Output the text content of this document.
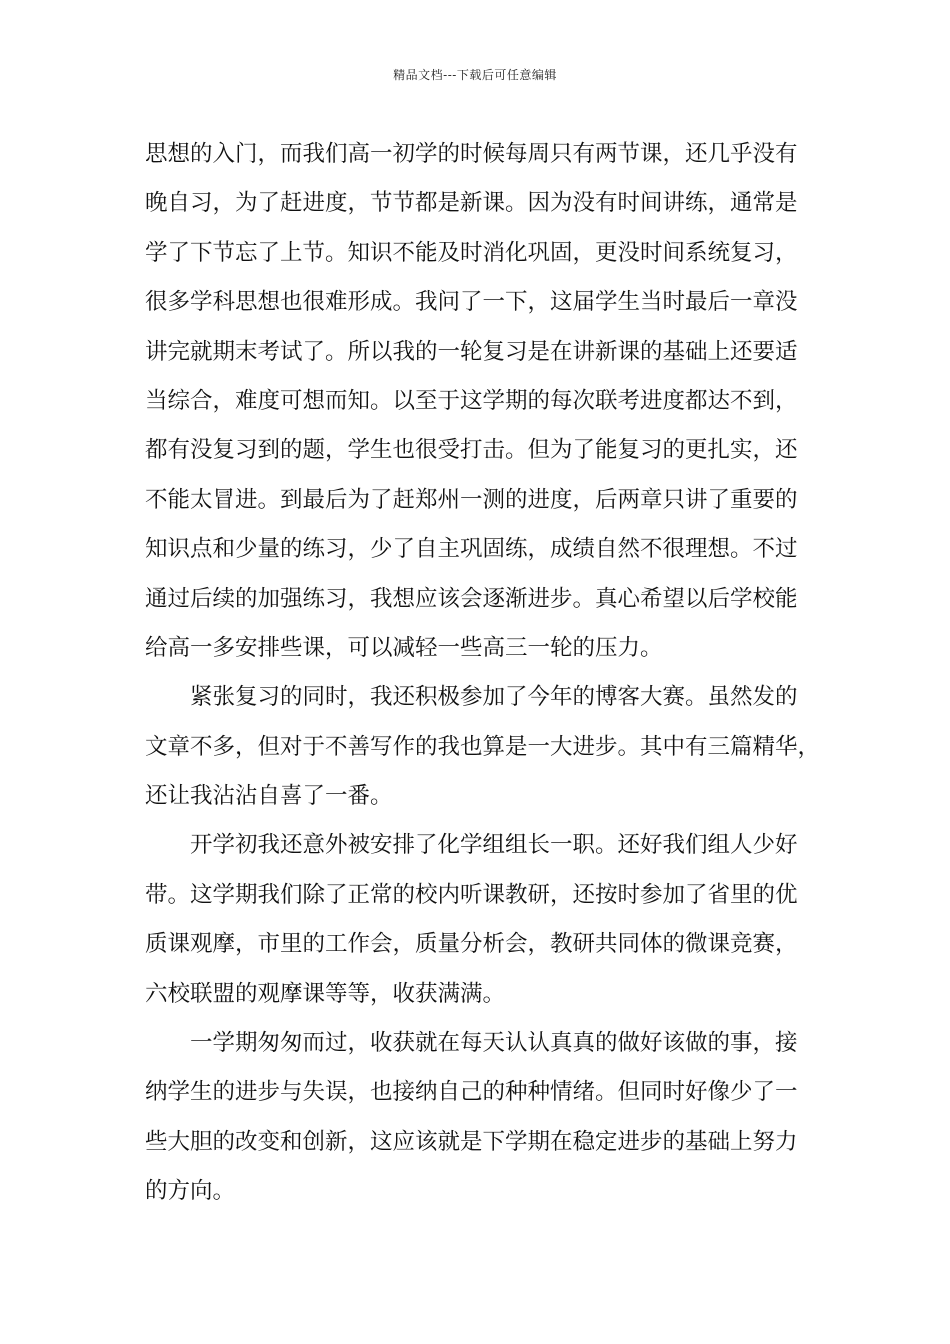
精品文档---下载后可任意编辑
思想的入门，而我们高一初学的时候每周只有两节课，还几乎没有
晚自习，为了赶进度，节节都是新课。因为没有时间讲练，通常是
学了下节忘了上节。知识不能及时消化巩固，更没时间系统复习，
很多学科思想也很难形成。我问了一下，这届学生当时最后一章没
讲完就期末考试了。所以我的一轮复习是在讲新课的基础上还要适
当综合，难度可想而知。以至于这学期的每次联考进度都达不到，
都有没复习到的题，学生也很受打击。但为了能复习的更扎实，还
不能太冒进。到最后为了赶郑州一测的进度，后两章只讲了重要的
知识点和少量的练习，少了自主巩固练，成绩自然不很理想。不过
通过后续的加强练习，我想应该会逐渐进步。真心希望以后学校能
给高一多安排些课，可以减轻一些高三一轮的压力。
紧张复习的同时，我还积极参加了今年的博客大赛。虽然发的
文章不多，但对于不善写作的我也算是一大进步。其中有三篇精华，
还让我沾沾自喜了一番。
开学初我还意外被安排了化学组组长一职。还好我们组人少好
带。这学期我们除了正常的校内听课教研，还按时参加了省里的优
质课观摩，市里的工作会，质量分析会，教研共同体的微课竞赛，
六校联盟的观摩课等等，收获满满。
一学期匆匆而过，收获就在每天认认真真的做好该做的事，接
纳学生的进步与失误，也接纳自己的种种情绪。但同时好像少了一
些大胆的改变和创新，这应该就是下学期在稳定进步的基础上努力
的方向。
